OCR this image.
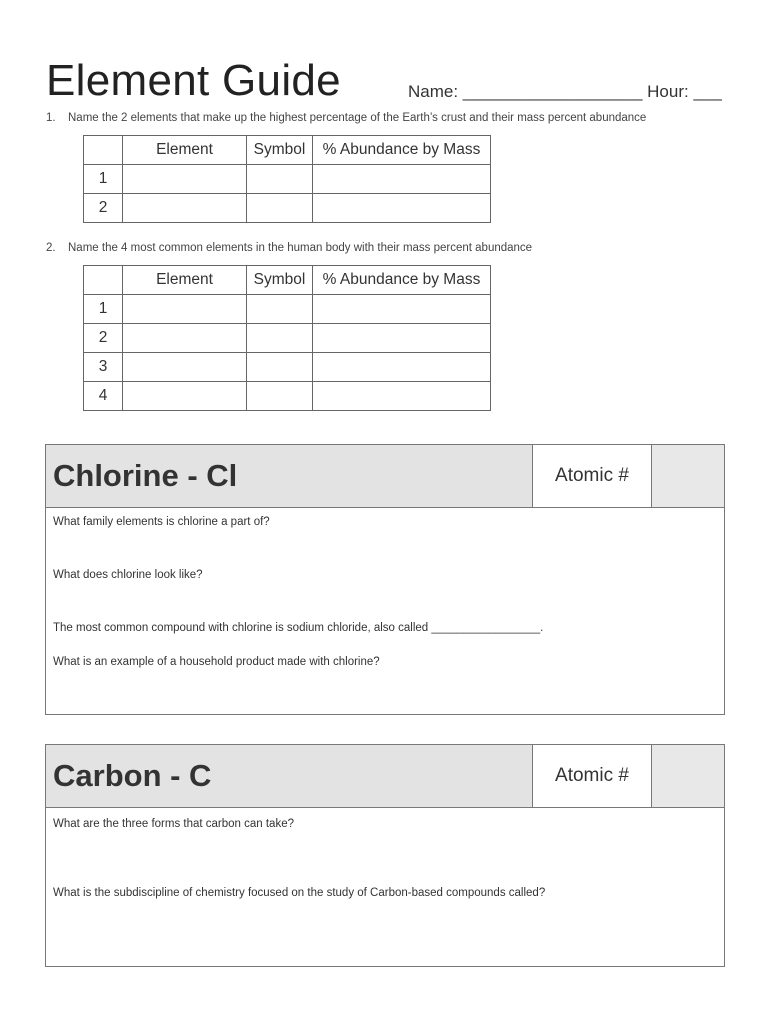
Element Guide	Name: ___________________ Hour: ___
1. Name the 2 elements that make up the highest percentage of the Earth’s crust and their mass percent abundance
	Element	Symbol	% Abundance by Mass
1			
2			
2. Name the 4 most common elements in the human body with their mass percent abundance
	Element	Symbol	% Abundance by Mass
1			
2			
3			
4			
Chlorine - Cl	Atomic #
What family elements is chlorine a part of?
What does chlorine look like?
The most common compound with chlorine is sodium chloride, also called _________________.
What is an example of a household product made with chlorine?
Carbon - C	Atomic #
What are the three forms that carbon can take?
What is the subdiscipline of chemistry focused on the study of Carbon-based compounds called?
